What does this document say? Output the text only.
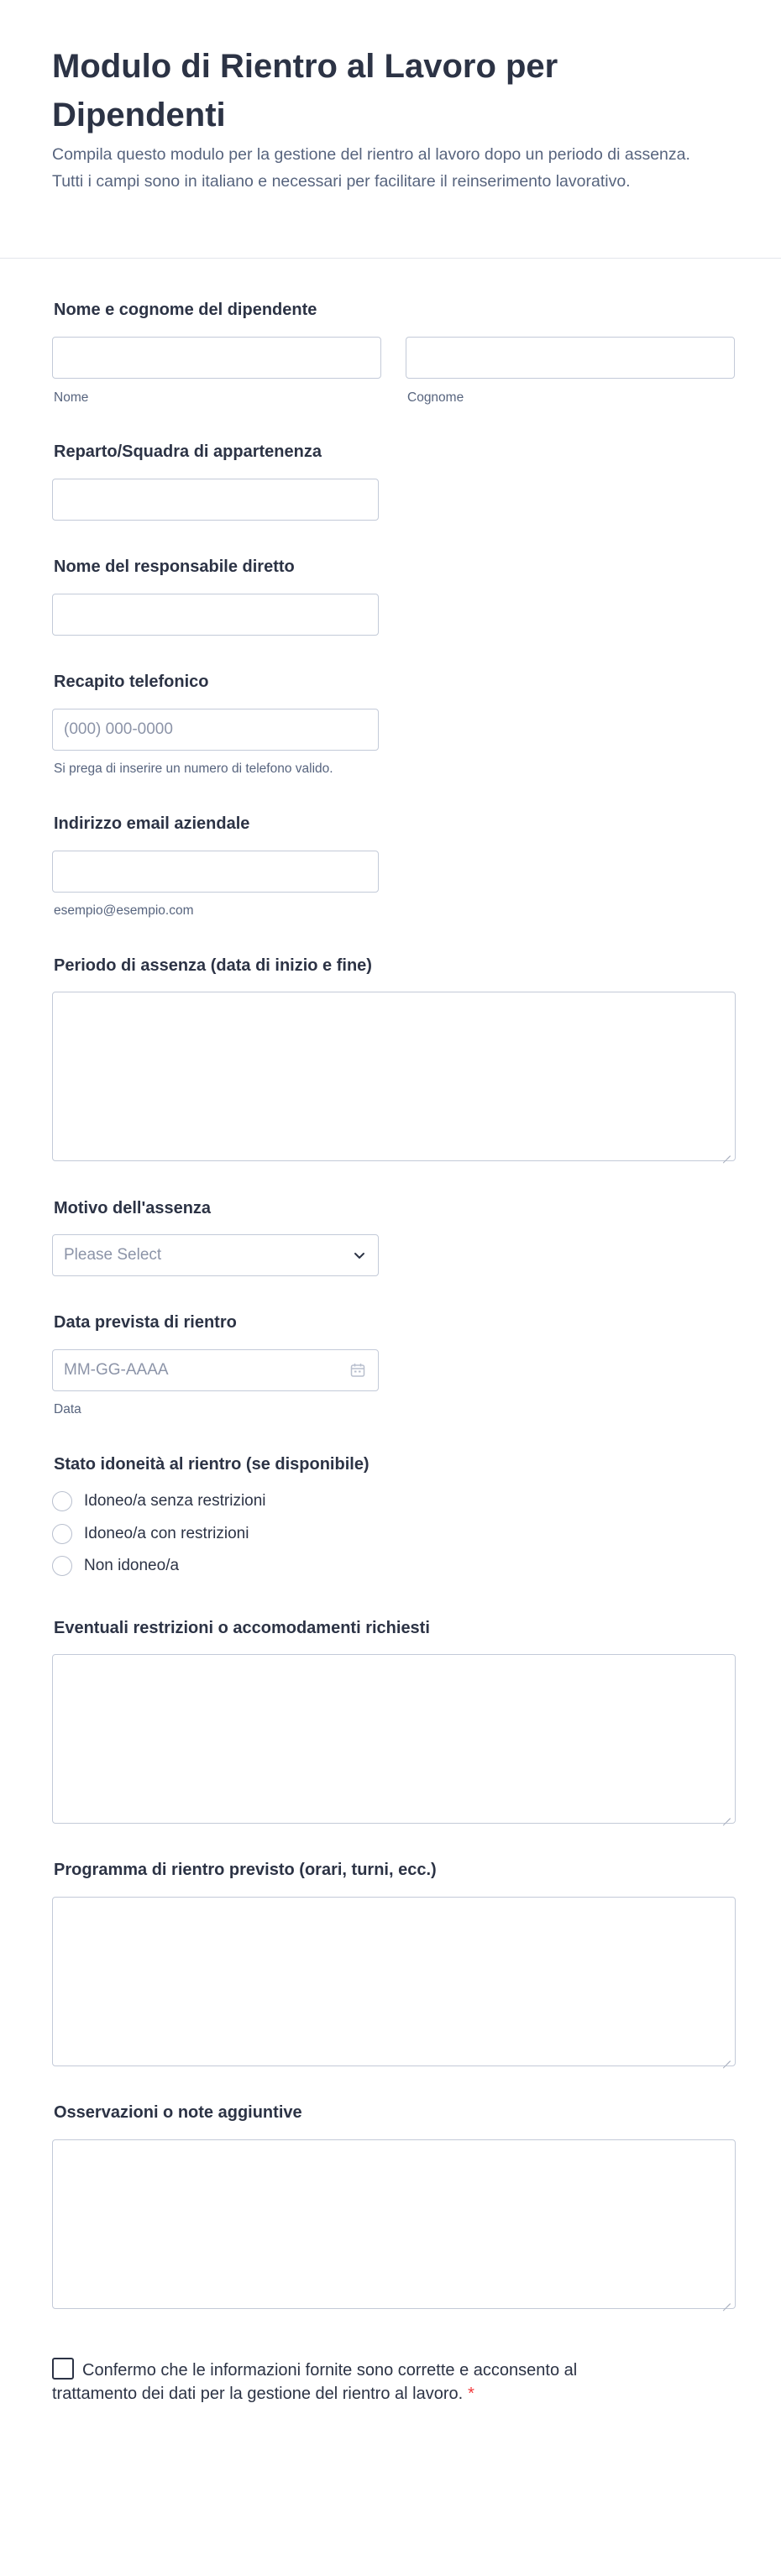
Modulo di Rientro al Lavoro per Dipendenti

Compila questo modulo per la gestione del rientro al lavoro dopo un periodo di assenza. Tutti i campi sono in italiano e necessari per facilitare il reinserimento lavorativo.

Nome e cognome del dipendente
Nome	Cognome
Reparto/Squadra di appartenenza
Nome del responsabile diretto
Recapito telefonico
(000) 000-0000
Si prega di inserire un numero di telefono valido.
Indirizzo email aziendale
esempio@esempio.com
Periodo di assenza (data di inizio e fine)
Motivo dell'assenza
Please Select
Data prevista di rientro
MM-GG-AAAA
Data
Stato idoneità al rientro (se disponibile)
Idoneo/a senza restrizioni
Idoneo/a con restrizioni
Non idoneo/a
Eventuali restrizioni o accomodamenti richiesti
Programma di rientro previsto (orari, turni, ecc.)
Osservazioni o note aggiuntive
Confermo che le informazioni fornite sono corrette e acconsento al trattamento dei dati per la gestione del rientro al lavoro. *
